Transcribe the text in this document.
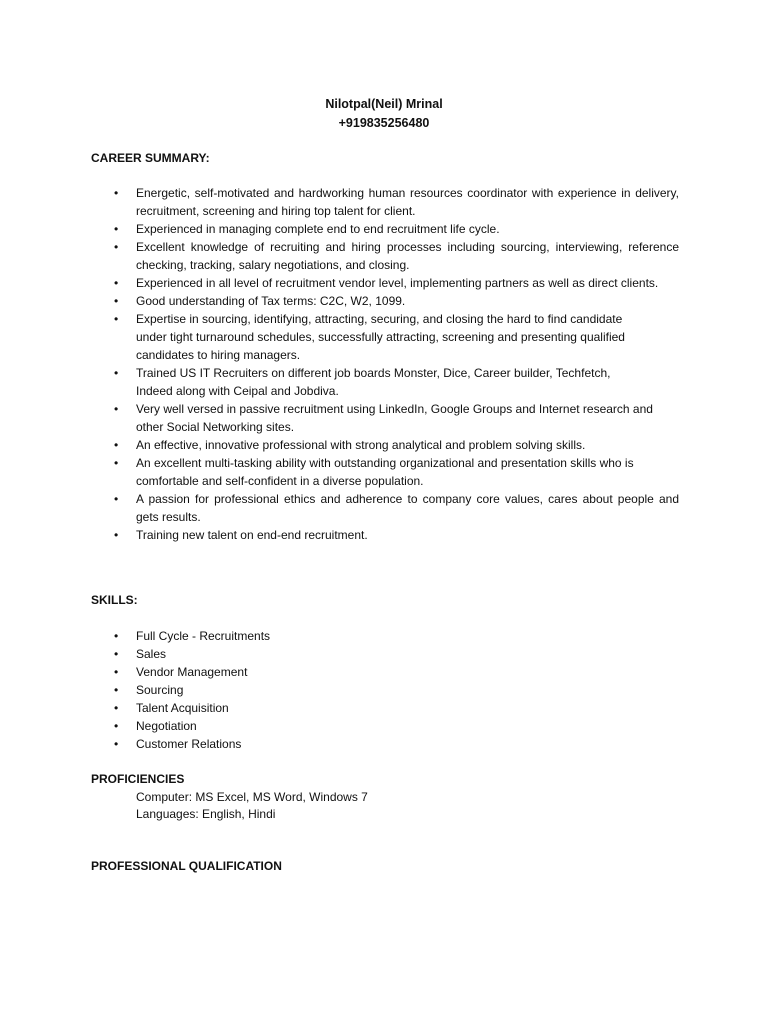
Nilotpal(Neil) Mrinal
+919835256480
CAREER SUMMARY:
• Energetic, self-motivated and hardworking human resources coordinator with experience in delivery, recruitment, screening and hiring top talent for client.
• Experienced in managing complete end to end recruitment life cycle.
• Excellent knowledge of recruiting and hiring processes including sourcing, interviewing, reference checking, tracking, salary negotiations, and closing.
• Experienced in all level of recruitment vendor level, implementing partners as well as direct clients.
• Good understanding of Tax terms: C2C, W2, 1099.
• Expertise in sourcing, identifying, attracting, securing, and closing the hard to find candidate under tight turnaround schedules, successfully attracting, screening and presenting qualified candidates to hiring managers.
• Trained US IT Recruiters on different job boards Monster, Dice, Career builder, Techfetch, Indeed along with Ceipal and Jobdiva.
• Very well versed in passive recruitment using LinkedIn, Google Groups and Internet research and other Social Networking sites.
• An effective, innovative professional with strong analytical and problem solving skills.
• An excellent multi-tasking ability with outstanding organizational and presentation skills who is comfortable and self-confident in a diverse population.
• A passion for professional ethics and adherence to company core values, cares about people and gets results.
• Training new talent on end-end recruitment.
SKILLS:
• Full Cycle - Recruitments
• Sales
• Vendor Management
• Sourcing
• Talent Acquisition
• Negotiation
• Customer Relations
PROFICIENCIES
Computer: MS Excel, MS Word, Windows 7
Languages: English, Hindi
PROFESSIONAL QUALIFICATION
